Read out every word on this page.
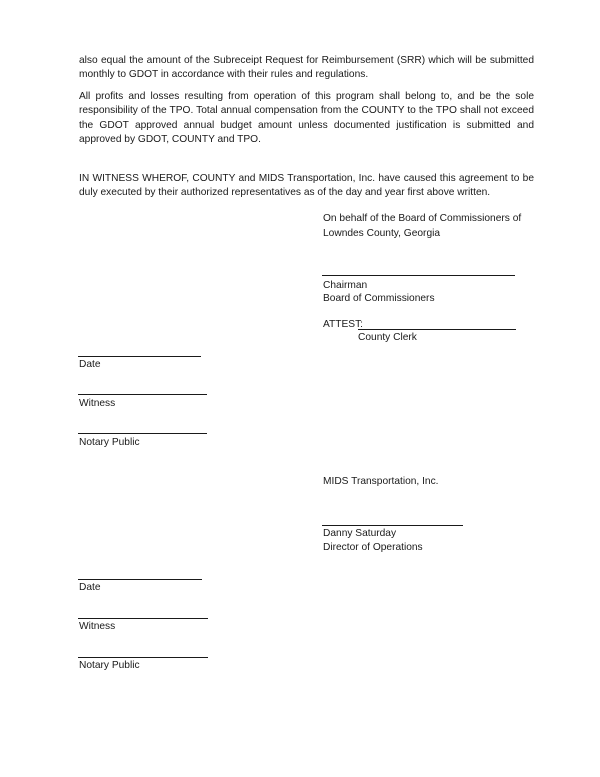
also equal the amount of the Subreceipt Request for Reimbursement (SRR) which will be submitted monthly to GDOT in accordance with their rules and regulations.

All profits and losses resulting from operation of this program shall belong to, and be the sole responsibility of the TPO. Total annual compensation from the COUNTY to the TPO shall not exceed the GDOT approved annual budget amount unless documented justification is submitted and approved by GDOT, COUNTY and TPO.

IN WITNESS WHEROF, COUNTY and MIDS Transportation, Inc. have caused this agreement to be duly executed by their authorized representatives as of the day and year first above written.

On behalf of the Board of Commissioners of

Lowndes County, Georgia

Chairman

Board of Commissioners

ATTEST:

County Clerk

Date

Witness

Notary Public

MIDS Transportation, Inc.

Danny Saturday

Director of Operations

Date

Witness

Notary Public
